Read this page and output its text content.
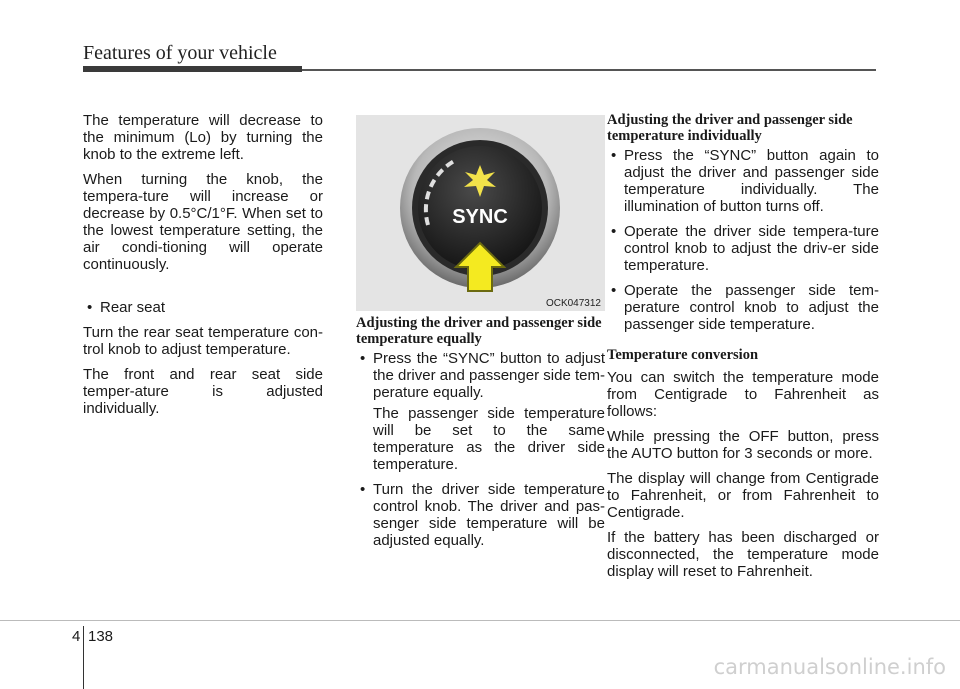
Features of your vehicle

The temperature will decrease to the minimum (Lo) by turning the knob to the extreme left.

When turning the knob, the tempera-ture will increase or decrease by 0.5°C/1°F. When set to the lowest temperature setting, the air condi-tioning will operate continuously.

• Rear seat

Turn the rear seat temperature con-trol knob to adjust temperature.

The front and rear seat side temper-ature is adjusted individually.

SYNC
OCK047312
Adjusting the driver and passenger side temperature equally
• Press the “SYNC” button to adjust the driver and passenger side tem-perature equally.

The passenger side temperature will be set to the same temperature as the driver side temperature.

• Turn the driver side temperature control knob. The driver and pas-senger side temperature will be adjusted equally.
Adjusting the driver and passenger side temperature individually
• Press the “SYNC” button again to adjust the driver and passenger side temperature individually. The illumination of button turns off.
• Operate the driver side tempera-ture control knob to adjust the driv-er side temperature.
• Operate the passenger side tem-perature control knob to adjust the passenger side temperature.
Temperature conversion

You can switch the temperature mode from Centigrade to Fahrenheit as follows:

While pressing the OFF button, press the AUTO button for 3 seconds or more.

The display will change from Centigrade to Fahrenheit, or from Fahrenheit to Centigrade.

If the battery has been discharged or disconnected, the temperature mode display will reset to Fahrenheit.

4 138
carmanualsonline.info
